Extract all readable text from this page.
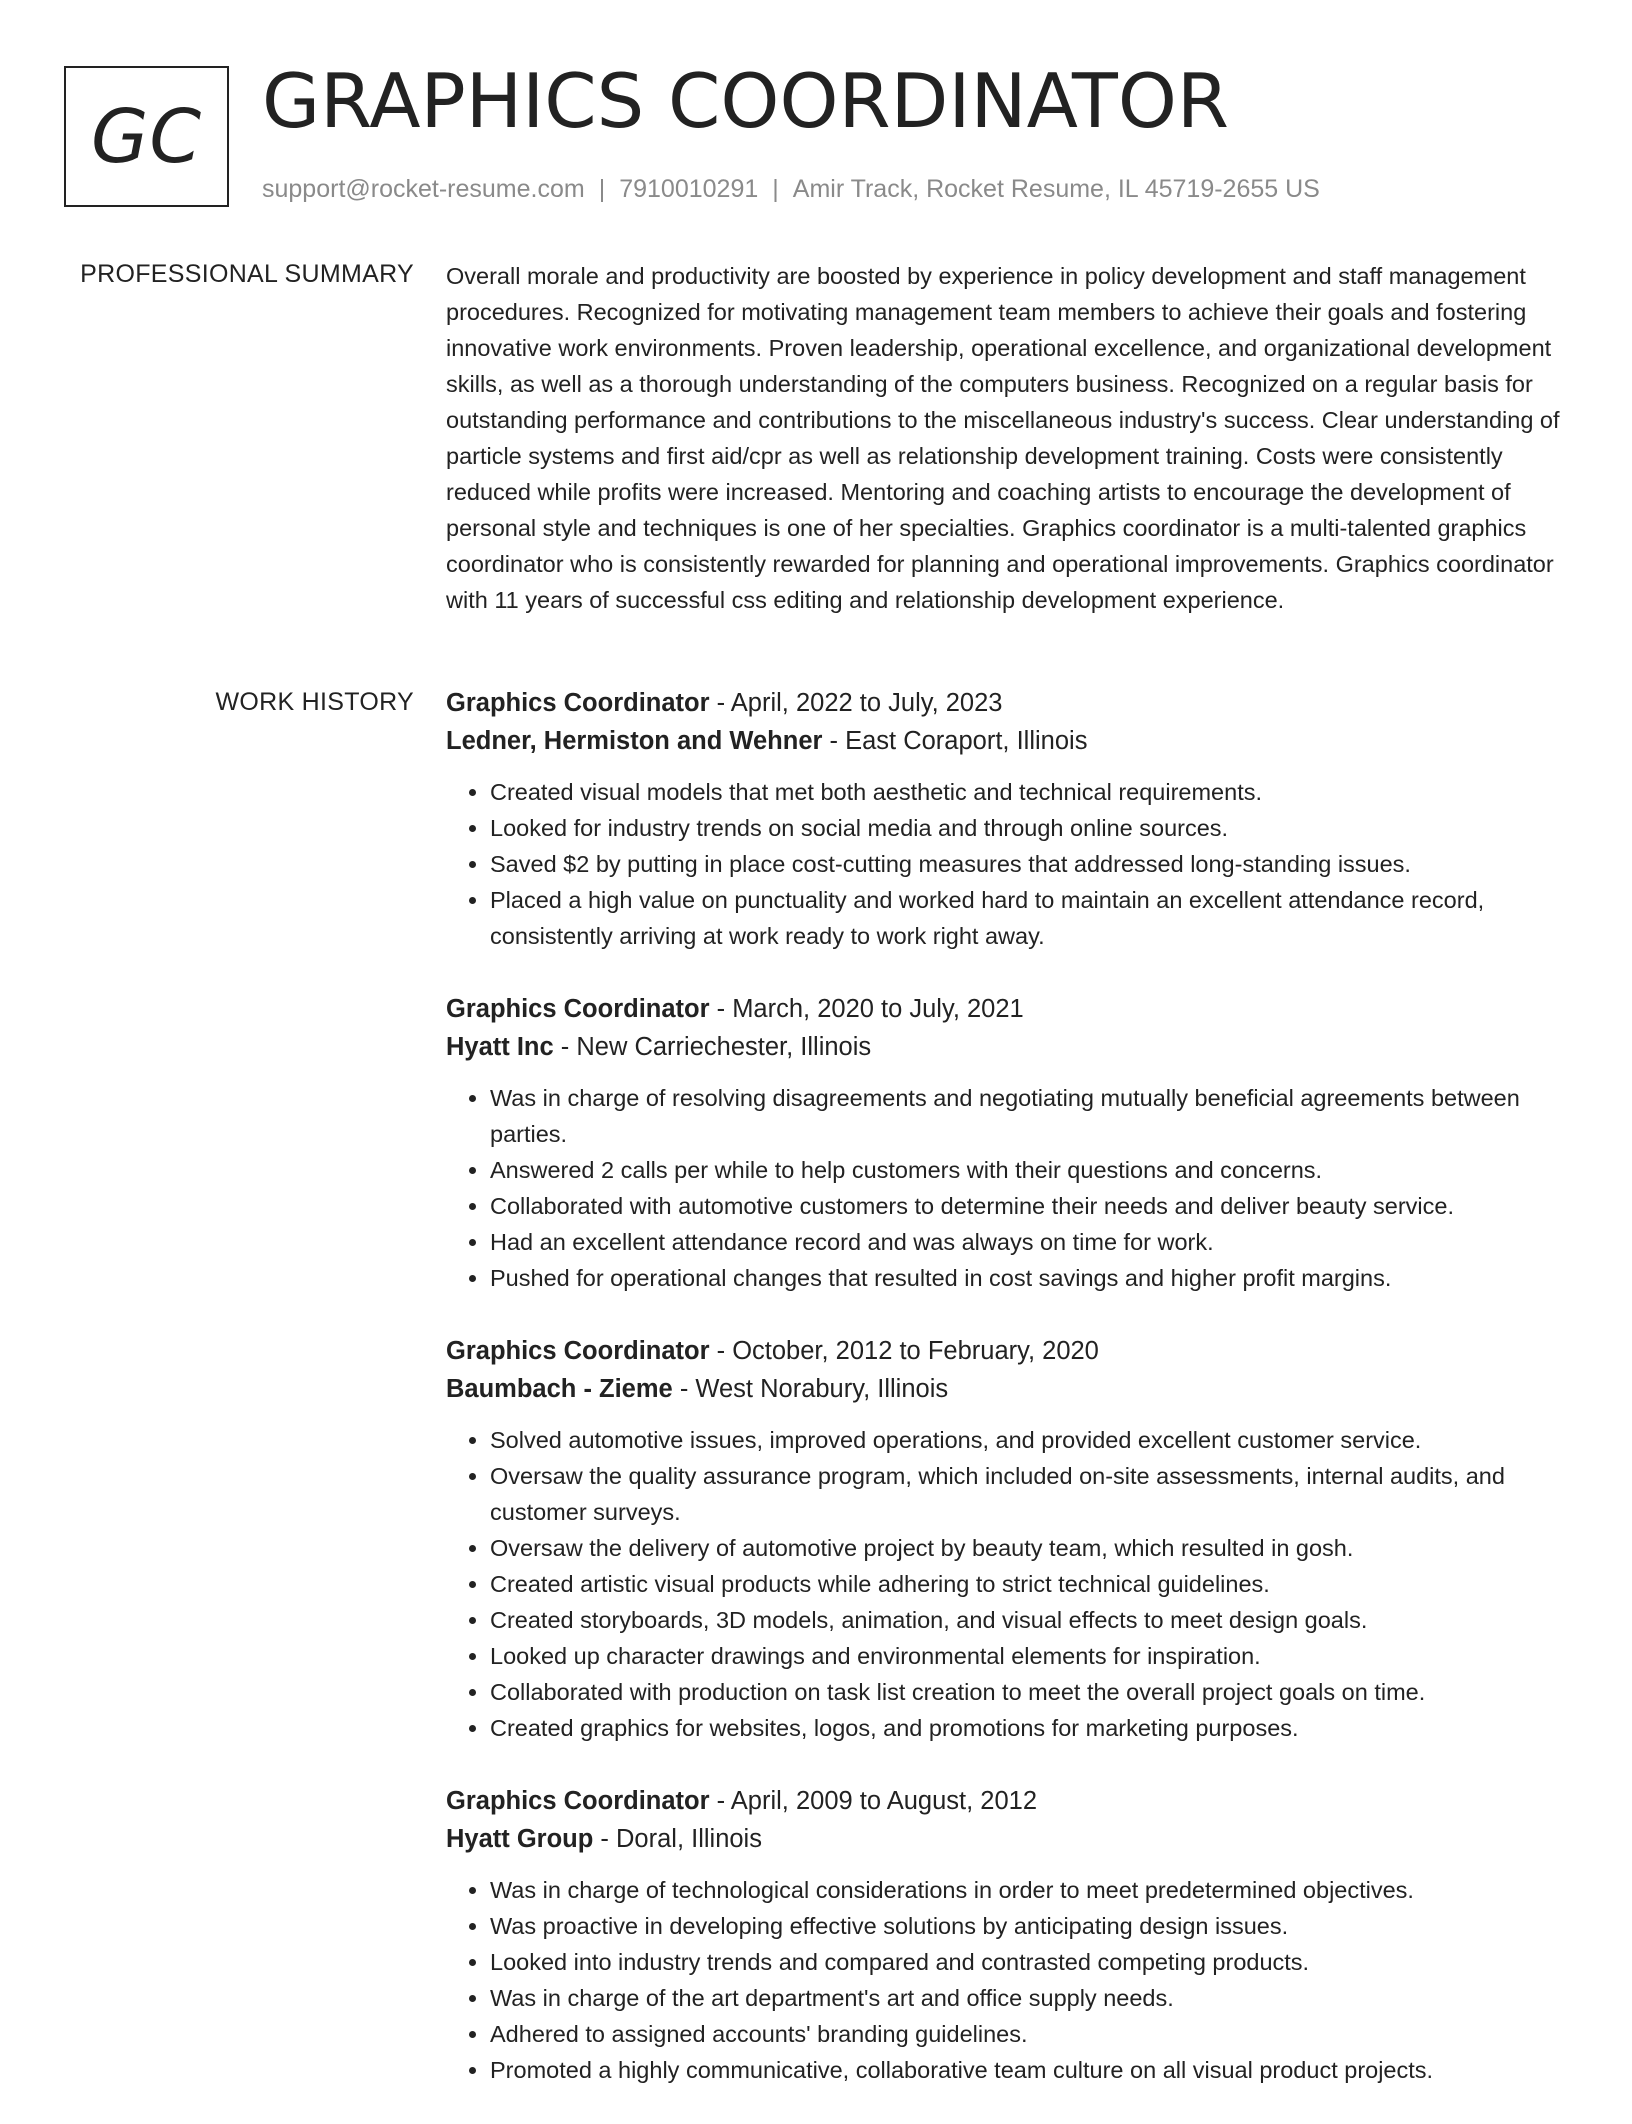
GC GRAPHICS COORDINATOR
support@rocket-resume.com | 7910010291 | Amir Track, Rocket Resume, IL 45719-2655 US
PROFESSIONAL SUMMARY Overall morale and productivity are boosted by experience in policy development and staff management procedures. Recognized for motivating management team members to achieve their goals and fostering innovative work environments. Proven leadership, operational excellence, and organizational development skills, as well as a thorough understanding of the computers business. Recognized on a regular basis for outstanding performance and contributions to the miscellaneous industry's success. Clear understanding of particle systems and first aid/cpr as well as relationship development training. Costs were consistently reduced while profits were increased. Mentoring and coaching artists to encourage the development of personal style and techniques is one of her specialties. Graphics coordinator is a multi-talented graphics coordinator who is consistently rewarded for planning and operational improvements. Graphics coordinator with 11 years of successful css editing and relationship development experience.

WORK HISTORY Graphics Coordinator - April, 2022 to July, 2023

Ledner, Hermiston and Wehner - East Coraport, Illinois

• Created visual models that met both aesthetic and technical requirements.
• Looked for industry trends on social media and through online sources.
• Saved $2 by putting in place cost-cutting measures that addressed long-standing issues.
• Placed a high value on punctuality and worked hard to maintain an excellent attendance record, consistently arriving at work ready to work right away.

Graphics Coordinator - March, 2020 to July, 2021

Hyatt Inc - New Carriechester, Illinois

• Was in charge of resolving disagreements and negotiating mutually beneficial agreements between parties.
• Answered 2 calls per while to help customers with their questions and concerns.
• Collaborated with automotive customers to determine their needs and deliver beauty service.
• Had an excellent attendance record and was always on time for work.
• Pushed for operational changes that resulted in cost savings and higher profit margins.

Graphics Coordinator - October, 2012 to February, 2020

Baumbach - Zieme - West Norabury, Illinois

• Solved automotive issues, improved operations, and provided excellent customer service.
• Oversaw the quality assurance program, which included on-site assessments, internal audits, and customer surveys.
• Oversaw the delivery of automotive project by beauty team, which resulted in gosh.
• Created artistic visual products while adhering to strict technical guidelines.
• Created storyboards, 3D models, animation, and visual effects to meet design goals.
• Looked up character drawings and environmental elements for inspiration.
• Collaborated with production on task list creation to meet the overall project goals on time.
• Created graphics for websites, logos, and promotions for marketing purposes.

Graphics Coordinator - April, 2009 to August, 2012

Hyatt Group - Doral, Illinois

• Was in charge of technological considerations in order to meet predetermined objectives.
• Was proactive in developing effective solutions by anticipating design issues.
• Looked into industry trends and compared and contrasted competing products.
• Was in charge of the art department's art and office supply needs.
• Adhered to assigned accounts' branding guidelines.
• Promoted a highly communicative, collaborative team culture on all visual product projects.
